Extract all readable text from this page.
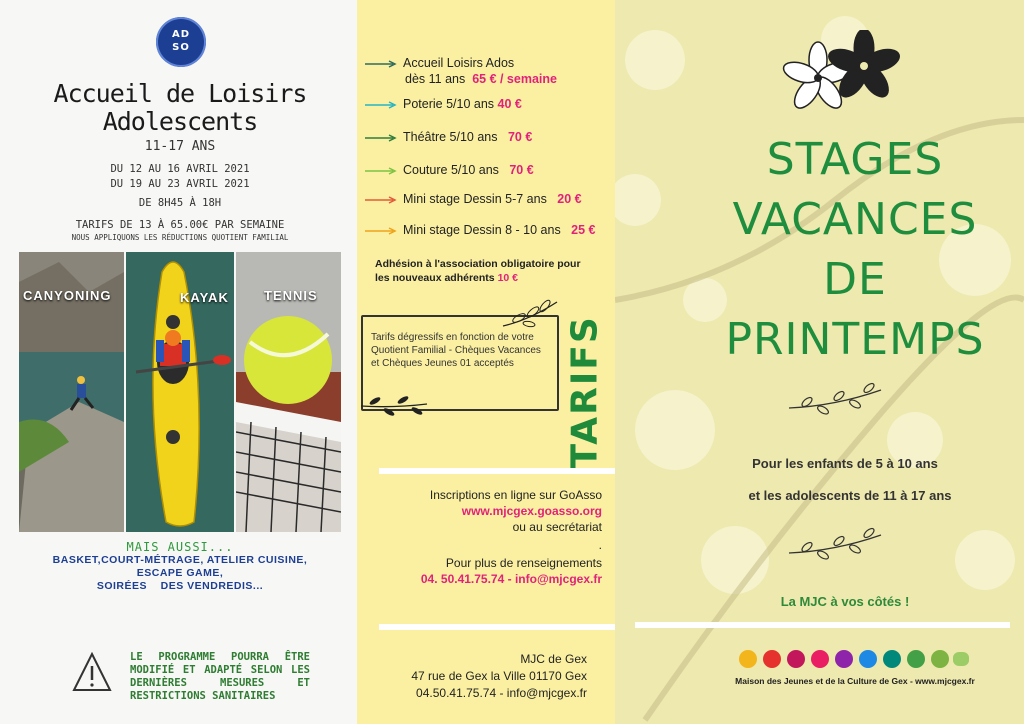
AD
SO
Accueil de Loisirs
Adolescents
11-17 ANS
DU 12 AU 16 AVRIL 2021
DU 19 AU 23 AVRIL 2021
DE 8H45 À 18H
TARIFS DE 13 À 65.00€ PAR SEMAINE
NOUS APPLIQUONS LES RÉDUCTIONS QUOTIENT FAMILIAL
CANYONING	KAYAK	TENNIS
MAIS AUSSI...
BASKET,COURT-MÉTRAGE, ATELIER CUISINE,
ESCAPE GAME,
SOIRÉES    DES VENDREDIS...
LE PROGRAMME POURRA ÊTRE MODIFIÉ ET ADAPTÉ SELON LES DERNIÈRES MESURES ET RESTRICTIONS SANITAIRES
Accueil Loisirs Ados
dès 11 ans 65 € / semaine
Poterie 5/10 ans 40 €
Théâtre 5/10 ans 70 €
Couture 5/10 ans 70 €
Mini stage Dessin 5-7 ans 20 €
Mini stage Dessin 8 - 10 ans 25 €
Adhésion à l'association obligatoire pour
les nouveaux adhérents 10 €
Tarifs dégressifs en fonction de votre Quotient Familial - Chèques Vacances et Chèques Jeunes 01 acceptés	TARIFS
Inscriptions en ligne sur GoAsso
www.mjcgex.goasso.org
ou au secrétariat
.
Pour plus de renseignements
04. 50.41.75.74 - info@mjcgex.fr
MJC de Gex
47 rue de Gex la Ville 01170 Gex
04.50.41.75.74 - info@mjcgex.fr
STAGES
VACANCES
DE
PRINTEMPS
Pour les enfants de 5 à 10 ans
et les adolescents de 11 à 17 ans
La MJC à vos côtés !
Maison des Jeunes et de la Culture de Gex - www.mjcgex.fr
